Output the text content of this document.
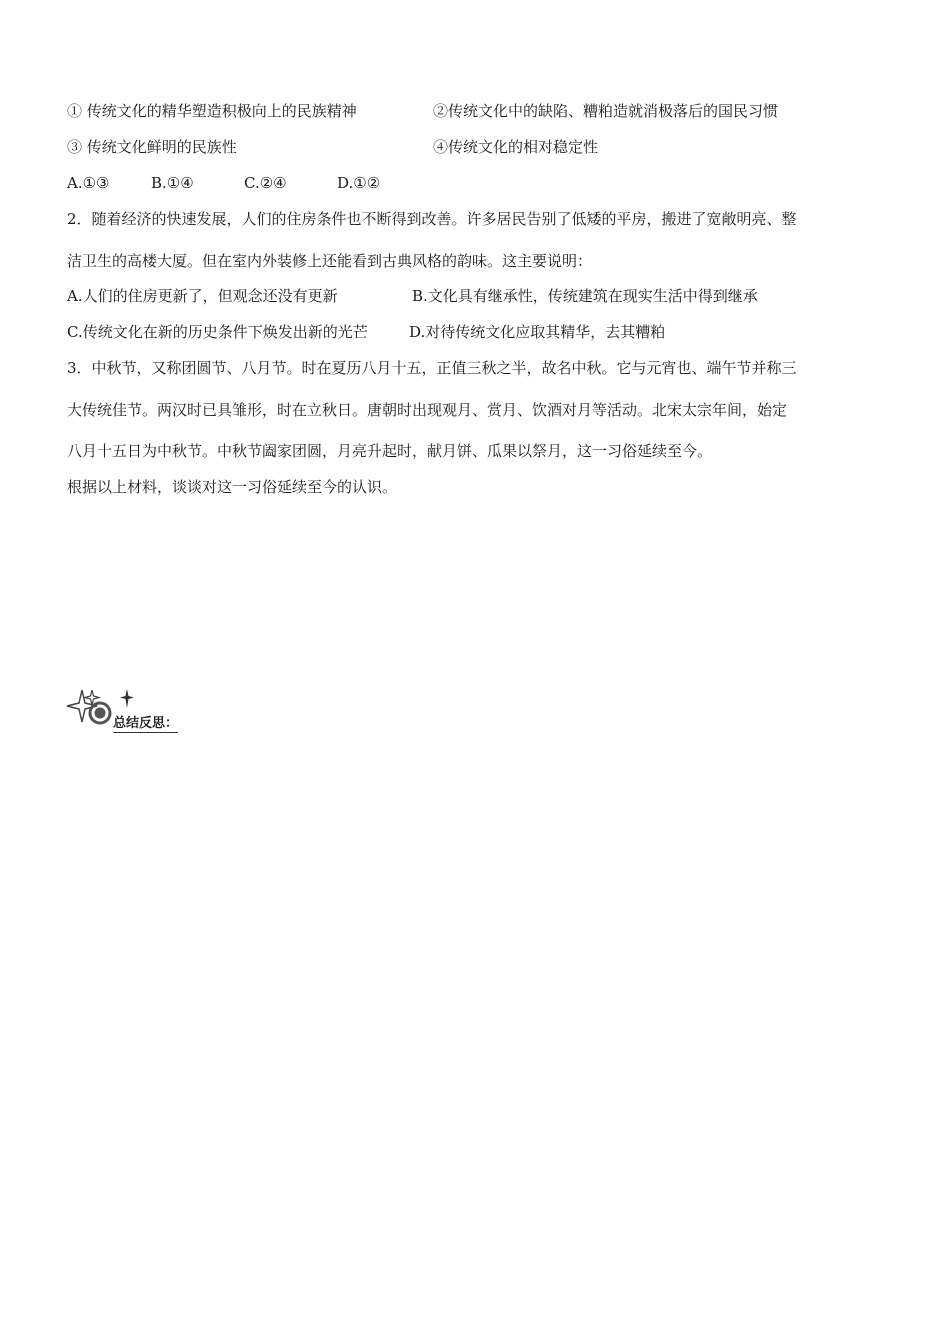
① 传统文化的精华塑造积极向上的民族精神	②传统文化中的缺陷、糟粕造就消极落后的国民习惯
③ 传统文化鲜明的民族性	④传统文化的相对稳定性
A.①③	B.①④	C.②④	D.①②
2．随着经济的快速发展，人们的住房条件也不断得到改善。许多居民告别了低矮的平房，搬进了宽敞明亮、整
洁卫生的高楼大厦。但在室内外装修上还能看到古典风格的韵味。这主要说明：
A.人们的住房更新了，但观念还没有更新	B.文化具有继承性，传统建筑在现实生活中得到继承
C.传统文化在新的历史条件下焕发出新的光芒	D.对待传统文化应取其精华，去其糟粕
3．中秋节，又称团圆节、八月节。时在夏历八月十五，正值三秋之半，故名中秋。它与元宵也、端午节并称三
大传统佳节。两汉时已具雏形，时在立秋日。唐朝时出现观月、赏月、饮酒对月等活动。北宋太宗年间，始定
八月十五日为中秋节。中秋节阖家团圆，月亮升起时，献月饼、瓜果以祭月，这一习俗延续至今。
根据以上材料，谈谈对这一习俗延续至今的认识。
总结反思：
